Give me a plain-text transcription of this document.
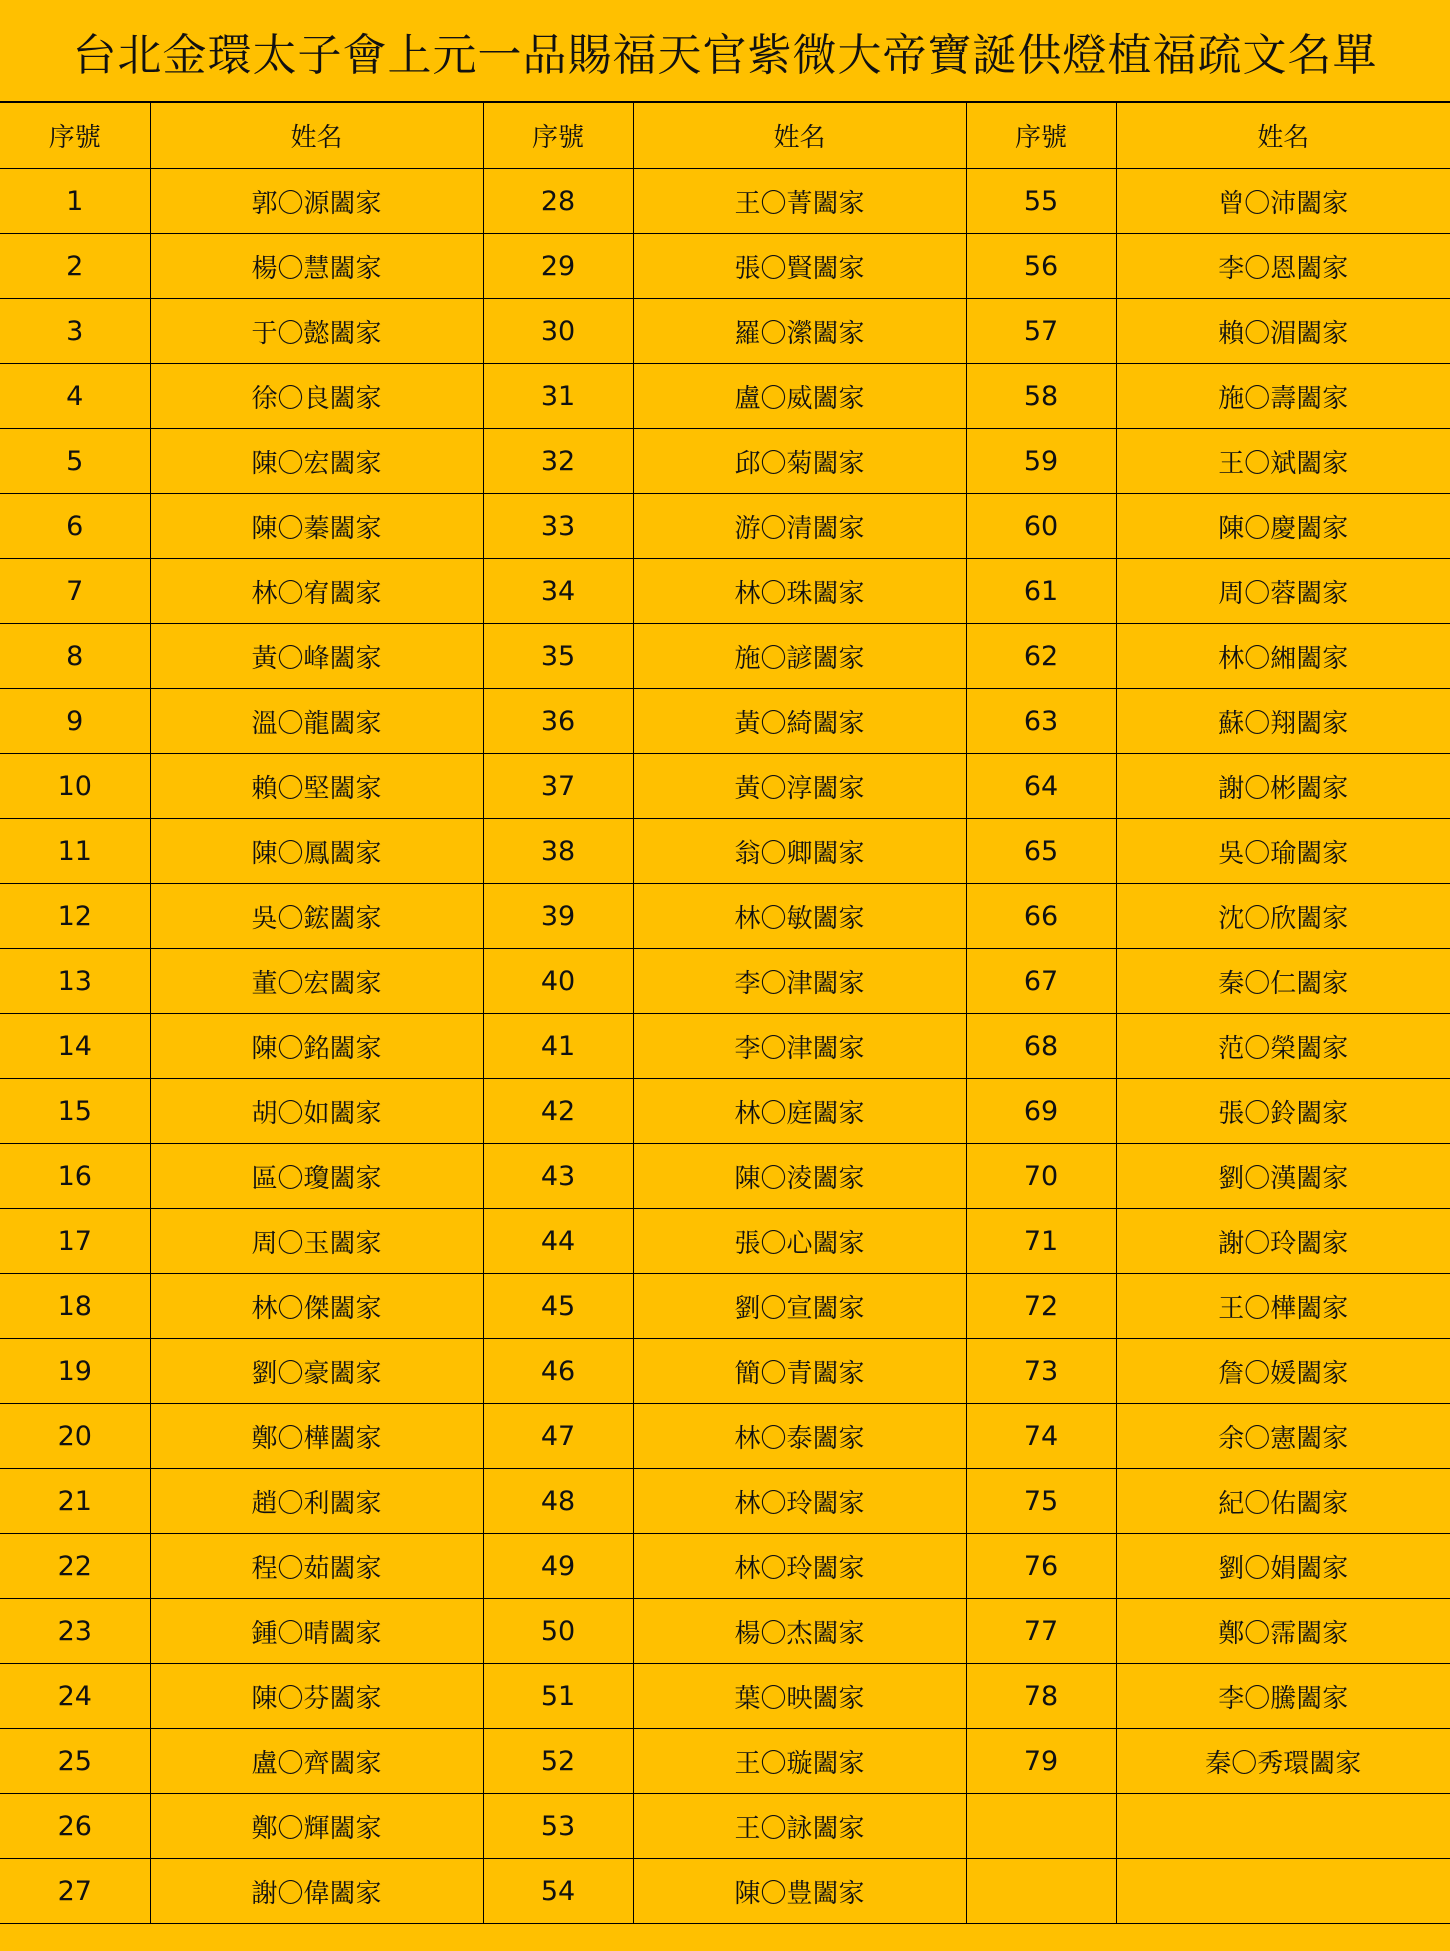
台北金環太子會上元一品賜福天官紫微大帝寶誕供燈植福疏文名單
序號	姓名	序號	姓名	序號	姓名
1	郭〇源闔家	28	王〇菁闔家	55	曾〇沛闔家
2	楊〇慧闔家	29	張〇賢闔家	56	李〇恩闔家
3	于〇懿闔家	30	羅〇瀠闔家	57	賴〇湄闔家
4	徐〇良闔家	31	盧〇威闔家	58	施〇壽闔家
5	陳〇宏闔家	32	邱〇菊闔家	59	王〇斌闔家
6	陳〇蓁闔家	33	游〇清闔家	60	陳〇慶闔家
7	林〇宥闔家	34	林〇珠闔家	61	周〇蓉闔家
8	黃〇峰闔家	35	施〇諺闔家	62	林〇緗闔家
9	溫〇龍闔家	36	黃〇綺闔家	63	蘇〇翔闔家
10	賴〇堅闔家	37	黃〇淳闔家	64	謝〇彬闔家
11	陳〇鳳闔家	38	翁〇卿闔家	65	吳〇瑜闔家
12	吳〇鋐闔家	39	林〇敏闔家	66	沈〇欣闔家
13	董〇宏闔家	40	李〇津闔家	67	秦〇仁闔家
14	陳〇銘闔家	41	李〇津闔家	68	范〇榮闔家
15	胡〇如闔家	42	林〇庭闔家	69	張〇鈴闔家
16	區〇瓊闔家	43	陳〇淩闔家	70	劉〇漢闔家
17	周〇玉闔家	44	張〇心闔家	71	謝〇玲闔家
18	林〇傑闔家	45	劉〇宣闔家	72	王〇樺闔家
19	劉〇豪闔家	46	簡〇青闔家	73	詹〇媛闔家
20	鄭〇樺闔家	47	林〇泰闔家	74	余〇憲闔家
21	趙〇利闔家	48	林〇玲闔家	75	紀〇佑闔家
22	程〇茹闔家	49	林〇玲闔家	76	劉〇娟闔家
23	鍾〇晴闔家	50	楊〇杰闔家	77	鄭〇霈闔家
24	陳〇芬闔家	51	葉〇映闔家	78	李〇騰闔家
25	盧〇齊闔家	52	王〇璇闔家	79	秦〇秀環闔家
26	鄭〇輝闔家	53	王〇詠闔家		
27	謝〇偉闔家	54	陳〇豊闔家		
